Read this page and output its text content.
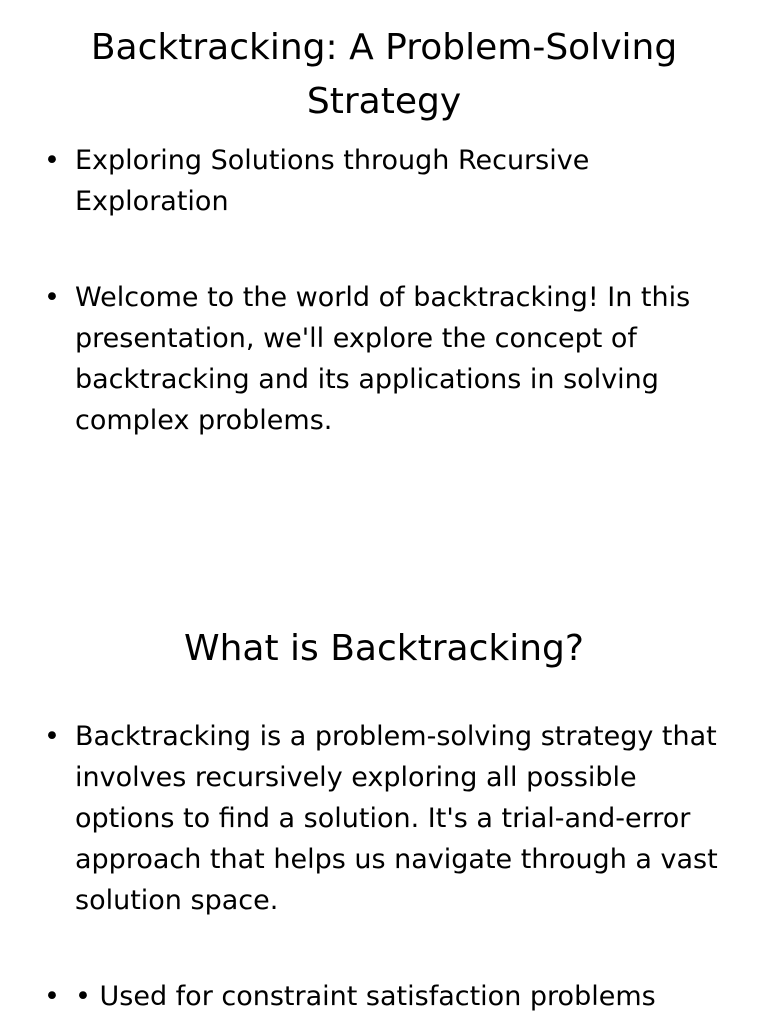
Backtracking: A Problem-Solving Strategy
• Exploring Solutions through Recursive Exploration
• Welcome to the world of backtracking! In this presentation, we'll explore the concept of backtracking and its applications in solving complex problems.
What is Backtracking?
• Backtracking is a problem-solving strategy that involves recursively exploring all possible options to find a solution. It's a trial-and-error approach that helps us navigate through a vast solution space.
• • Used for constraint satisfaction problems
